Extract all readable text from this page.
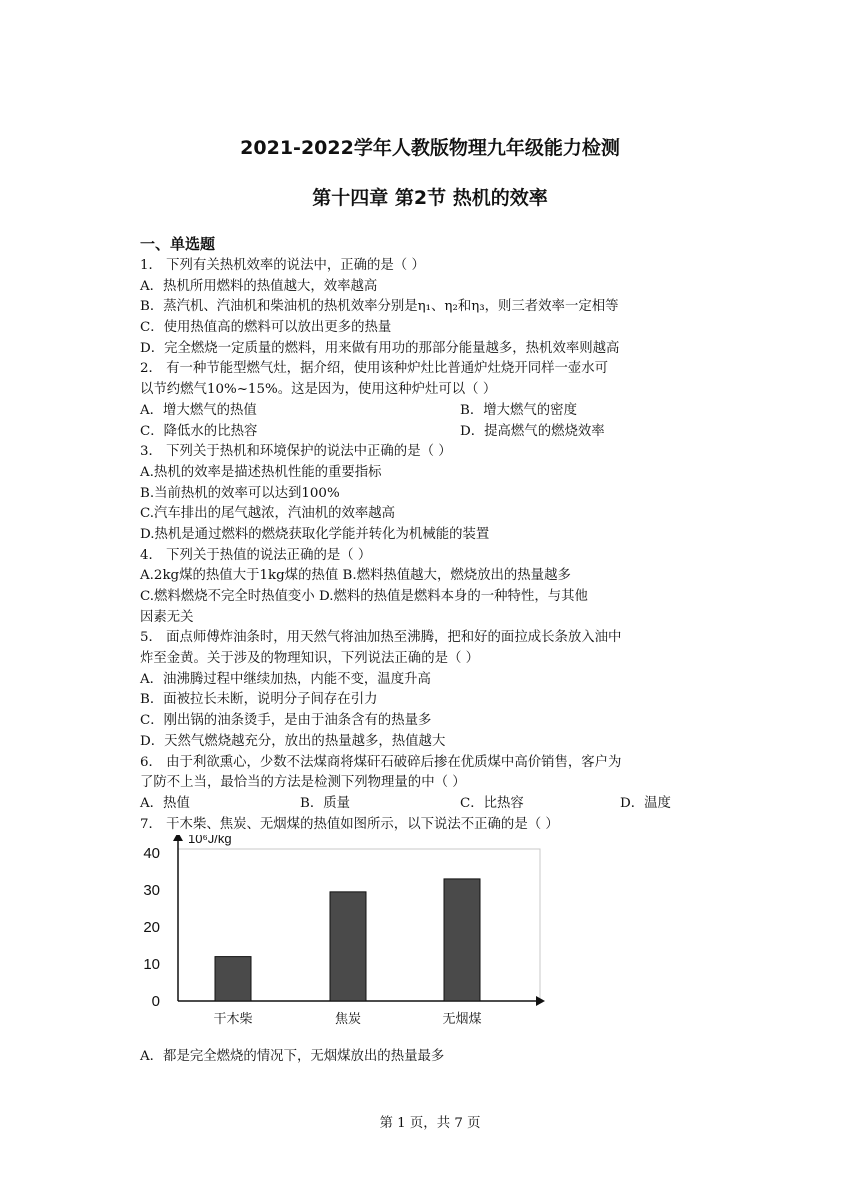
2021-2022学年人教版物理九年级能力检测
第十四章 第2节 热机的效率
一、单选题
1． 下列有关热机效率的说法中，正确的是（ ）
A．热机所用燃料的热值越大，效率越高
B．蒸汽机、汽油机和柴油机的热机效率分别是η₁、η₂和η₃，则三者效率一定相等
C．使用热值高的燃料可以放出更多的热量
D．完全燃烧一定质量的燃料，用来做有用功的那部分能量越多，热机效率则越高
2． 有一种节能型燃气灶，据介绍，使用该种炉灶比普通炉灶烧开同样一壶水可
以节约燃气10%~15%。这是因为，使用这种炉灶可以（ ）
A．增大燃气的热值	B．增大燃气的密度
C．降低水的比热容	D．提高燃气的燃烧效率
3． 下列关于热机和环境保护的说法中正确的是（ ）
A.热机的效率是描述热机性能的重要指标
B.当前热机的效率可以达到100%
C.汽车排出的尾气越浓，汽油机的效率越高
D.热机是通过燃料的燃烧获取化学能并转化为机械能的装置
4． 下列关于热值的说法正确的是（ ）
A.2kg煤的热值大于1kg煤的热值 B.燃料热值越大，燃烧放出的热量越多
C.燃料燃烧不完全时热值变小 D.燃料的热值是燃料本身的一种特性，与其他
因素无关
5． 面点师傅炸油条时，用天然气将油加热至沸腾，把和好的面拉成长条放入油中
炸至金黄。关于涉及的物理知识，下列说法正确的是（ ）
A．油沸腾过程中继续加热，内能不变，温度升高
B．面被拉长未断，说明分子间存在引力
C．刚出锅的油条烫手，是由于油条含有的热量多
D．天然气燃烧越充分，放出的热量越多，热值越大
6． 由于利欲熏心，少数不法煤商将煤矸石破碎后掺在优质煤中高价销售，客户为
了防不上当，最恰当的方法是检测下列物理量的中（ ）
A．热值	B．质量	C．比热容	D．温度
7． 干木柴、焦炭、无烟煤的热值如图所示，以下说法不正确的是（ ）
10⁶J/kg
0
10
20
30
40
干木柴	焦炭	无烟煤
A．都是完全燃烧的情况下，无烟煤放出的热量最多
第 1 页，共 7 页
